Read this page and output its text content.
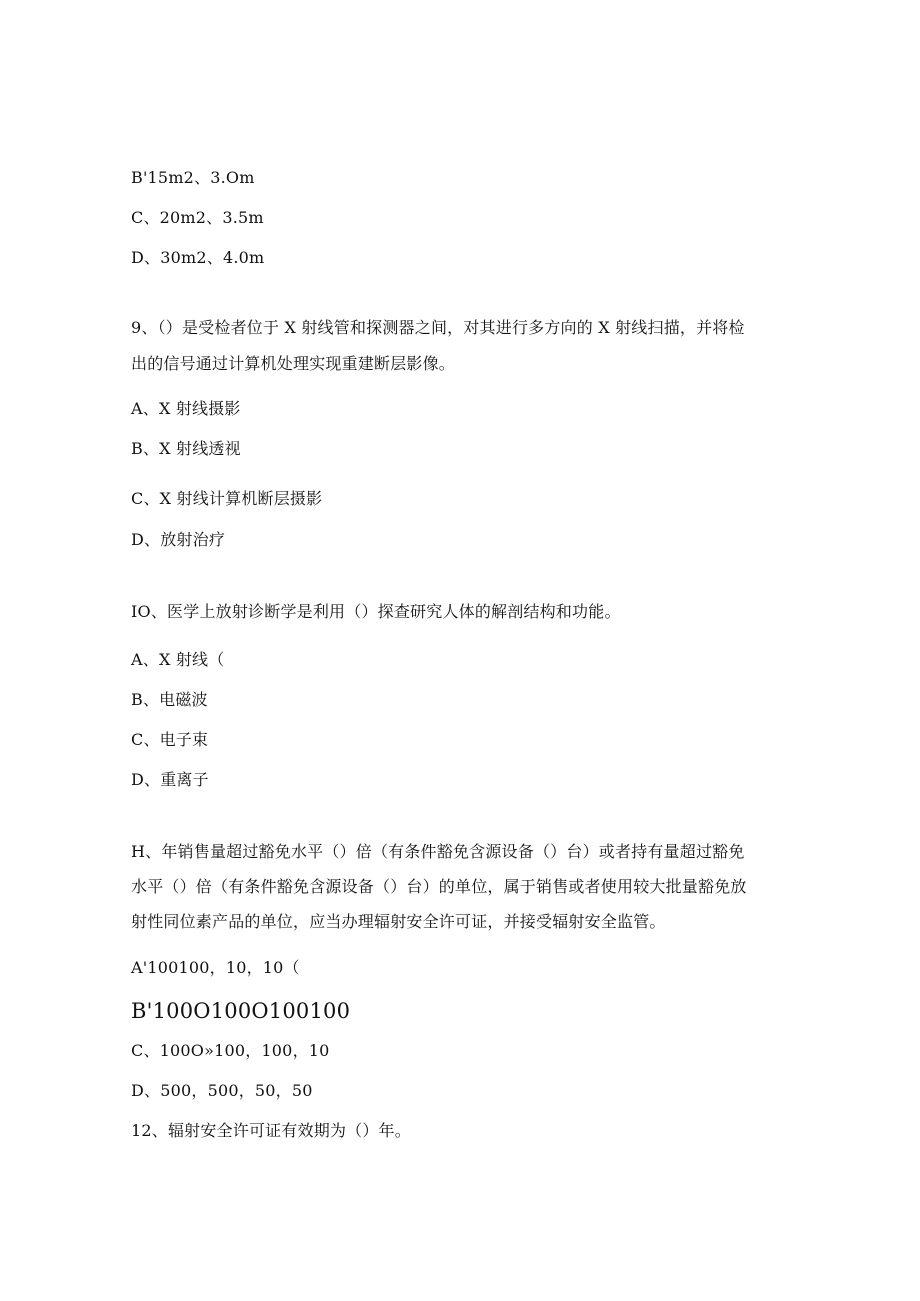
B'15m2、3.Om

C、20m2、3.5m

D、30m2、4.0m

9、（）是受检者位于 X 射线管和探测器之间，对其进行多方向的 X 射线扫描，并将检

出的信号通过计算机处理实现重建断层影像。

A、X 射线摄影

B、X 射线透视

C、X 射线计算机断层摄影

D、放射治疗

IO、医学上放射诊断学是利用（）探查研究人体的解剖结构和功能。

A、X 射线（

B、电磁波

C、电子束

D、重离子

H、年销售量超过豁免水平（）倍（有条件豁免含源设备（）台）或者持有量超过豁免

水平（）倍（有条件豁免含源设备（）台）的单位，属于销售或者使用较大批量豁免放

射性同位素产品的单位，应当办理辐射安全许可证，并接受辐射安全监管。

A'100100，10，10（

B'100O100O100100

C、100O»100，100，10

D、500，500，50，50

12、辐射安全许可证有效期为（）年。
